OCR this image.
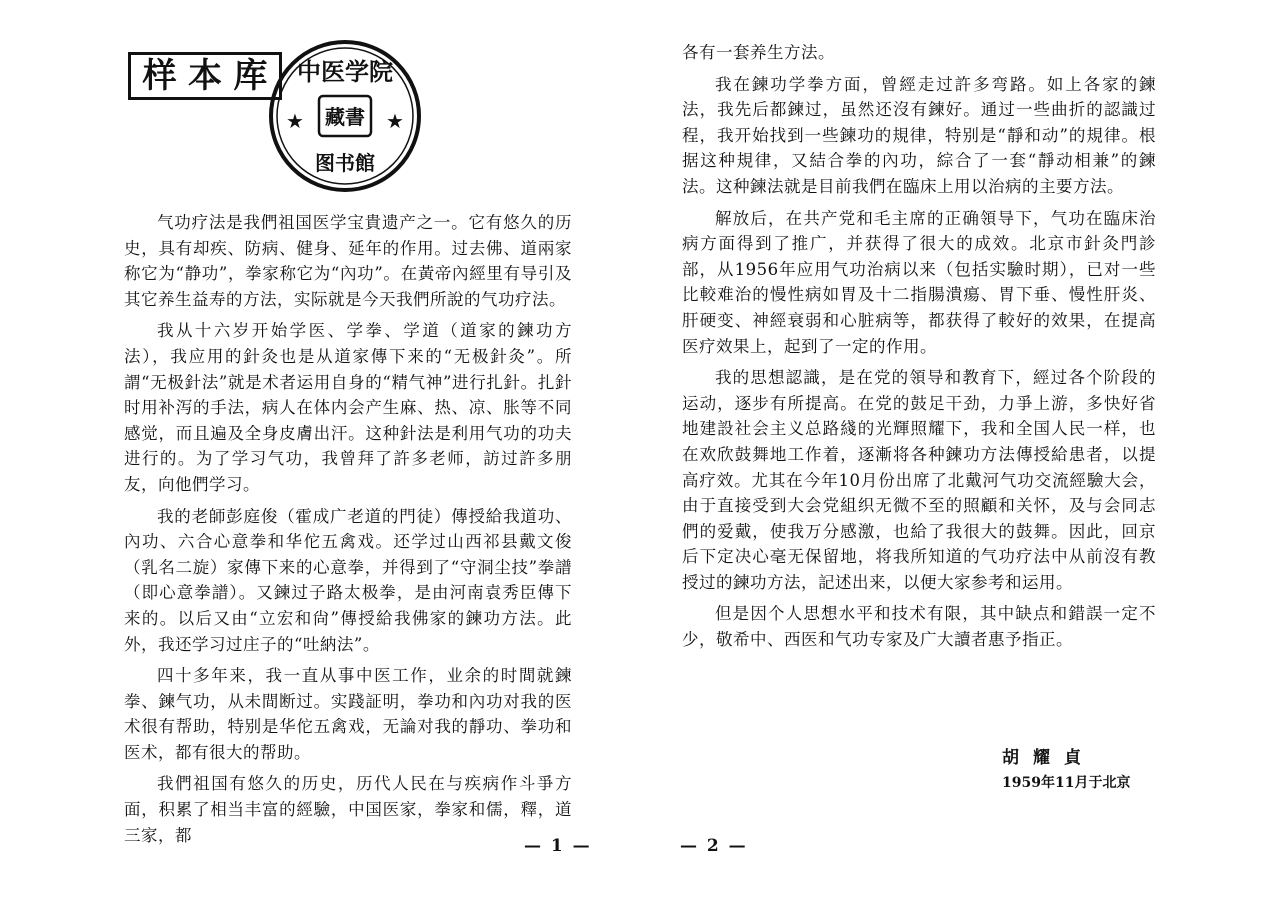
样 本 库 中医学院
藏書
★	★
图书館

气功疗法是我們祖国医学宝貴遗产之一。它有悠久的历史，具有却疾、防病、健身、延年的作用。过去佛、道兩家称它为“静功”，拳家称它为“內功”。在黃帝內經里有导引及其它养生益寿的方法，实际就是今天我們所說的气功疗法。

我从十六岁开始学医、学拳、学道（道家的鍊功方法），我应用的針灸也是从道家傳下来的“无极針灸”。所謂“无极針法”就是术者运用自身的“精气神”进行扎針。扎針时用补泻的手法，病人在体内会产生麻、热、凉、胀等不同感觉，而且遍及全身皮膚出汗。这种針法是利用气功的功夫进行的。为了学习气功，我曾拜了許多老师，訪过許多朋友，向他們学习。

我的老師彭庭俊（霍成广老道的門徒）傳授給我道功、內功、六合心意拳和华佗五禽戏。还学过山西祁县戴文俊（乳名二旋）家傳下来的心意拳，并得到了“守洞尘技”拳譜（即心意拳譜）。又鍊过子路太极拳，是由河南袁秀臣傳下来的。以后又由“立宏和尙”傳授給我佛家的鍊功方法。此外，我还学习过庄子的“吐納法”。

四十多年来，我一直从事中医工作，业余的时間就鍊拳、鍊气功，从未間断过。实踐証明，拳功和內功对我的医术很有帮助，特别是华佗五禽戏，无論对我的靜功、拳功和医术，都有很大的帮助。

我們祖国有悠久的历史，历代人民在与疾病作斗爭方面，积累了相当丰富的經驗，中国医家，拳家和儒，釋，道三家，都

— 1 —

各有一套养生方法。

我在鍊功学拳方面，曾經走过許多弯路。如上各家的鍊法，我先后都鍊过，虽然还沒有鍊好。通过一些曲折的認識过程，我开始找到一些鍊功的規律，特别是“靜和动”的規律。根据这种規律，又結合拳的內功，綜合了一套“靜动相兼”的鍊法。这种鍊法就是目前我們在臨床上用以治病的主要方法。

解放后，在共产党和毛主席的正确領导下，气功在臨床治病方面得到了推广，并获得了很大的成效。北京市針灸門診部，从1956年应用气功治病以来（包括实驗时期），已对一些比較难治的慢性病如胃及十二指腸潰瘍、胃下垂、慢性肝炎、肝硬变、神經衰弱和心脏病等，都获得了較好的效果，在提高医疗效果上，起到了一定的作用。

我的思想認識，是在党的領导和教育下，經过各个阶段的运动，逐步有所提高。在党的鼓足干劲，力爭上游，多快好省地建設社会主义总路綫的光輝照耀下，我和全国人民一样，也在欢欣鼓舞地工作着，逐漸将各种鍊功方法傳授給患者，以提高疗效。尤其在今年10月份出席了北戴河气功交流經驗大会，由于直接受到大会党組织无微不至的照顧和关怀，及与会同志們的爱戴，使我万分感激，也給了我很大的鼓舞。因此，回京后下定决心毫无保留地，将我所知道的气功疗法中从前沒有教授过的鍊功方法，記述出来，以便大家参考和运用。

但是因个人思想水平和技术有限，其中缺点和錯誤一定不少，敬希中、西医和气功专家及广大讀者惠予指正。

胡耀貞
1959年11月于北京
— 2 —
